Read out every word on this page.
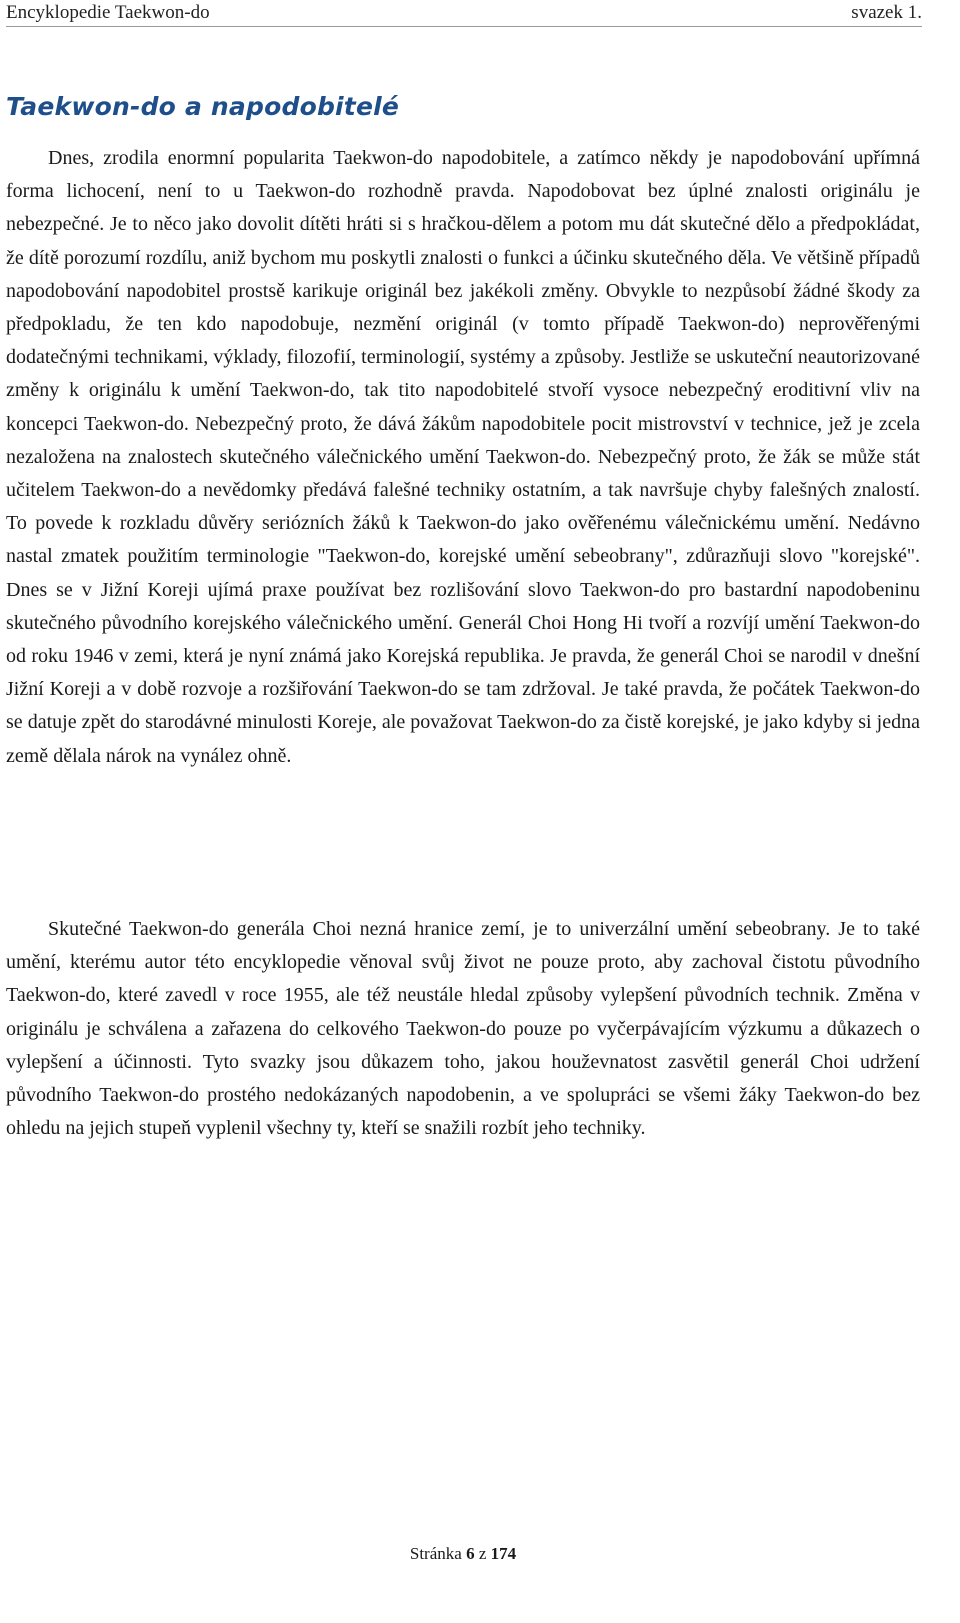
Encyklopedie Taekwon-do	svazek 1.
Taekwon-do a napodobitelé

Dnes, zrodila enormní popularita Taekwon-do napodobitele, a zatímco někdy je napodobování upřímná forma lichocení, není to u Taekwon-do rozhodně pravda. Napodobovat bez úplné znalosti originálu je nebezpečné. Je to něco jako dovolit dítěti hráti si s hračkou-dělem a potom mu dát skutečné dělo a předpokládat, že dítě porozumí rozdílu, aniž bychom mu poskytli znalosti o funkci a účinku skutečného děla. Ve většině případů napodobování napodobitel prostsě karikuje originál bez jakékoli změny. Obvykle to nezpůsobí žádné škody za předpokladu, že ten kdo napodobuje, nezmění originál (v tomto případě Taekwon-do) neprověřenými dodatečnými technikami, výklady, filozofií, terminologií, systémy a způsoby. Jestliže se uskuteční neautorizované změny k originálu k umění Taekwon-do, tak tito napodobitelé stvoří vysoce nebezpečný eroditivní vliv na koncepci Taekwon-do. Nebezpečný proto, že dává žákům napodobitele pocit mistrovství v technice, jež je zcela nezaložena na znalostech skutečného válečnického umění Taekwon-do. Nebezpečný proto, že žák se může stát učitelem Taekwon-do a nevědomky předává falešné techniky ostatním, a tak navršuje chyby falešných znalostí. To povede k rozkladu důvěry seriózních žáků k Taekwon-do jako ověřenému válečnickému umění. Nedávno nastal zmatek použitím terminologie "Taekwon-do, korejské umění sebeobrany", zdůrazňuji slovo "korejské". Dnes se v Jižní Koreji ujímá praxe používat bez rozlišování slovo Taekwon-do pro bastardní napodobeninu skutečného původního korejského válečnického umění. Generál Choi Hong Hi tvoří a rozvíjí umění Taekwon-do od roku 1946 v zemi, která je nyní známá jako Korejská republika. Je pravda, že generál Choi se narodil v dnešní Jižní Koreji a v době rozvoje a rozšiřování Taekwon-do se tam zdržoval. Je také pravda, že počátek Taekwon-do se datuje zpět do starodávné minulosti Koreje, ale považovat Taekwon-do za čistě korejské, je jako kdyby si jedna země dělala nárok na vynález ohně.

Skutečné Taekwon-do generála Choi nezná hranice zemí, je to univerzální umění sebeobrany. Je to také umění, kterému autor této encyklopedie věnoval svůj život ne pouze proto, aby zachoval čistotu původního Taekwon-do, které zavedl v roce 1955, ale též neustále hledal způsoby vylepšení původních technik. Změna v originálu je schválena a zařazena do celkového Taekwon-do pouze po vyčerpávajícím výzkumu a důkazech o vylepšení a účinnosti. Tyto svazky jsou důkazem toho, jakou houževnatost zasvětil generál Choi udržení původního Taekwon-do prostého nedokázaných napodobenin, a ve spolupráci se všemi žáky Taekwon-do bez ohledu na jejich stupeň vyplenil všechny ty, kteří se snažili rozbít jeho techniky.

Stránka 6 z 174
